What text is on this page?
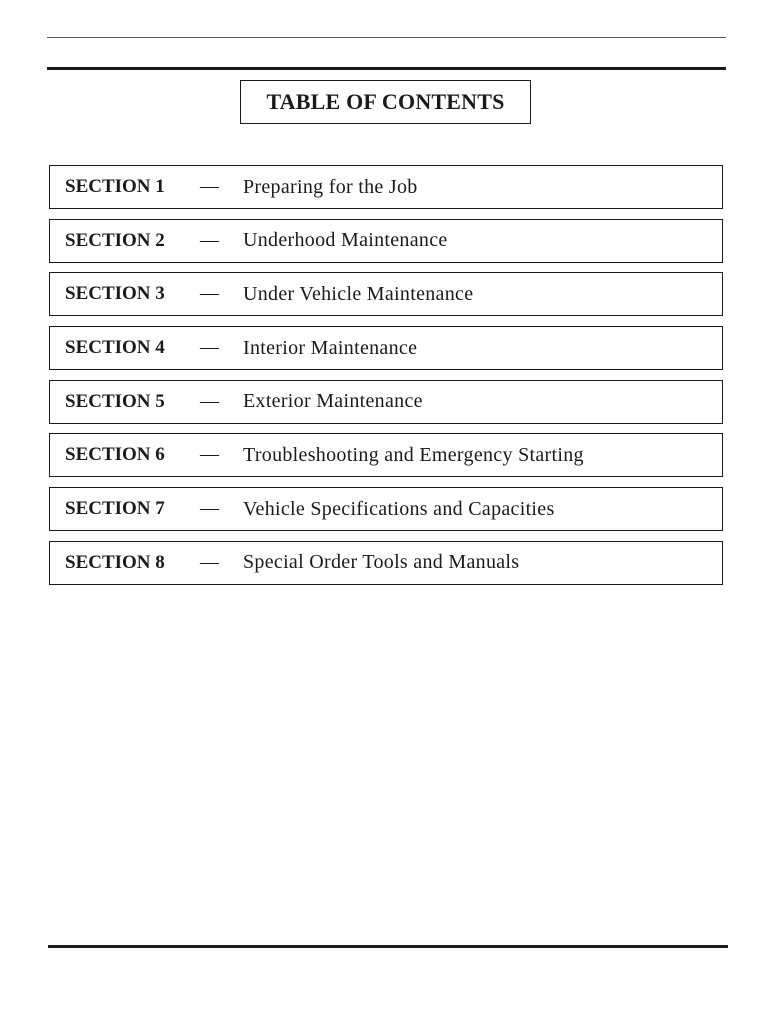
TABLE OF CONTENTS
SECTION 1 — Preparing for the Job
SECTION 2 — Underhood Maintenance
SECTION 3 — Under Vehicle Maintenance
SECTION 4 — Interior Maintenance
SECTION 5 — Exterior Maintenance
SECTION 6 — Troubleshooting and Emergency Starting
SECTION 7 — Vehicle Specifications and Capacities
SECTION 8 — Special Order Tools and Manuals
